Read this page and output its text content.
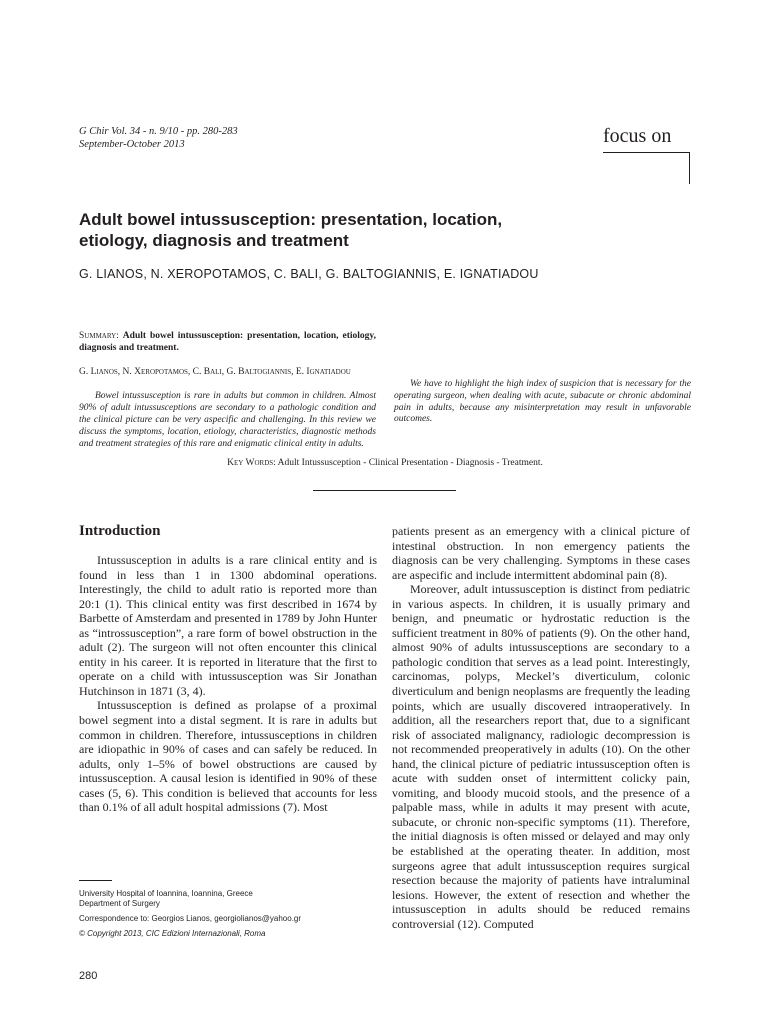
G Chir Vol. 34 - n. 9/10 - pp. 280-283
September-October 2013	focus on
Adult bowel intussusception: presentation, location,
etiology, diagnosis and treatment
G. LIANOS, N. XEROPOTAMOS, C. BALI, G. BALTOGIANNIS, E. IGNATIADOU

Summary: Adult bowel intussusception: presentation, location, etiology, diagnosis and treatment.

G. Lianos, N. Xeropotamos, C. Bali, G. Baltogiannis, E. Ignatiadou

Bowel intussusception is rare in adults but common in children. Almost 90% of adult intussusceptions are secondary to a pathologic condition and the clinical picture can be very aspecific and challenging. In this review we discuss the symptoms, location, etiology, characteristics, diagnostic methods and treatment strategies of this rare and enigmatic clinical entity in adults.

We have to highlight the high index of suspicion that is necessary for the operating surgeon, when dealing with acute, subacute or chronic abdominal pain in adults, because any misinterpretation may result in unfavorable outcomes.

Key Words: Adult Intussusception - Clinical Presentation - Diagnosis - Treatment.
Introduction

Intussusception in adults is a rare clinical entity and is found in less than 1 in 1300 abdominal operations. Interestingly, the child to adult ratio is reported more than 20:1 (1). This clinical entity was first described in 1674 by Barbette of Amsterdam and presented in 1789 by John Hunter as “introssusception”, a rare form of bowel obstruction in the adult (2). The surgeon will not often encounter this clinical entity in his career. It is reported in literature that the first to operate on a child with intussusception was Sir Jonathan Hutchinson in 1871 (3, 4).

Intussusception is defined as prolapse of a proximal bowel segment into a distal segment. It is rare in adults but common in children. Therefore, intussusceptions in children are idiopathic in 90% of cases and can safely be reduced. In adults, only 1–5% of bowel obstructions are caused by intussusception. A causal lesion is identified in 90% of these cases (5, 6). This condition is believed that accounts for less than 0.1% of all adult hospital admissions (7). Most

patients present as an emergency with a clinical picture of intestinal obstruction. In non emergency patients the diagnosis can be very challenging. Symptoms in these cases are aspecific and include intermittent abdominal pain (8).

Moreover, adult intussusception is distinct from pediatric in various aspects. In children, it is usually primary and benign, and pneumatic or hydrostatic reduction is the sufficient treatment in 80% of patients (9). On the other hand, almost 90% of adults intussusceptions are secondary to a pathologic condition that serves as a lead point. Interestingly, carcinomas, polyps, Meckel’s diverticulum, colonic diverticulum and benign neoplasms are frequently the leading points, which are usually discovered intraoperatively. In addition, all the researchers report that, due to a significant risk of associated malignancy, radiologic decompression is not recommended preoperatively in adults (10). On the other hand, the clinical picture of pediatric intussusception often is acute with sudden onset of intermittent colicky pain, vomiting, and bloody mucoid stools, and the presence of a palpable mass, while in adults it may present with acute, subacute, or chronic non-specific symptoms (11). Therefore, the initial diagnosis is often missed or delayed and may only be established at the operating theater. In addition, most surgeons agree that adult intussusception requires surgical resection because the majority of patients have intraluminal lesions. However, the extent of resection and whether the intussusception in adults should be reduced remains controversial (12). Computed

University Hospital of Ioannina, Ioannina, Greece
Department of Surgery
Correspondence to: Georgios Lianos, georgiolianos@yahoo.gr
© Copyright 2013, CIC Edizioni Internazionali, Roma
280
